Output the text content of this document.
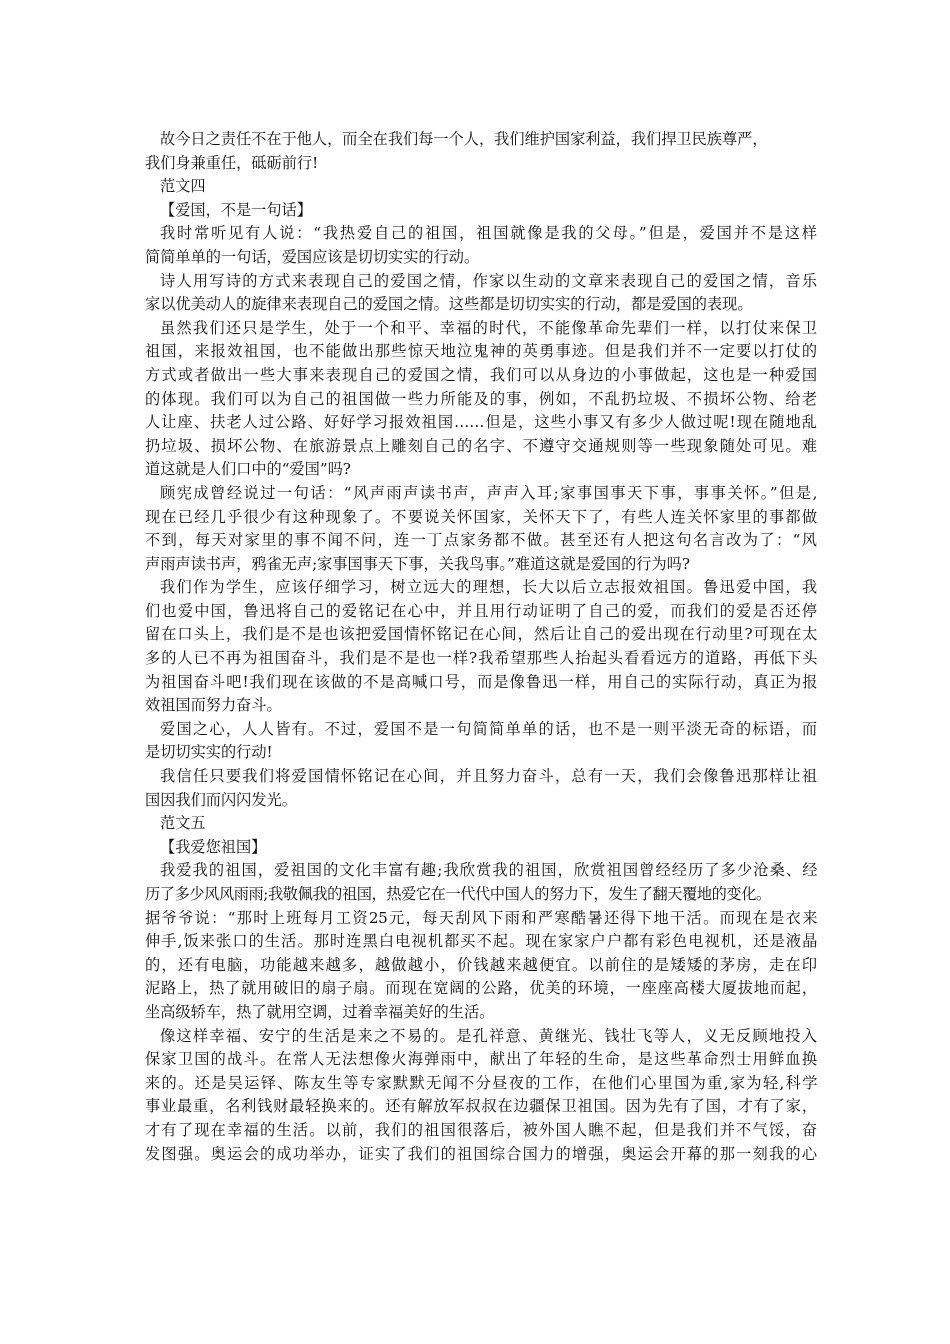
故今日之责任不在于他人，而全在我们每一个人，我们维护国家利益，我们捍卫民族尊严，
我们身兼重任，砥砺前行!
范文四
【爱国，不是一句话】
我时常听见有人说：“我热爱自己的祖国，祖国就像是我的父母。”但是，爱国并不是这样
简简单单的一句话，爱国应该是切切实实的行动。
诗人用写诗的方式来表现自己的爱国之情，作家以生动的文章来表现自己的爱国之情，音乐
家以优美动人的旋律来表现自己的爱国之情。这些都是切切实实的行动，都是爱国的表现。
虽然我们还只是学生，处于一个和平、幸福的时代，不能像革命先辈们一样，以打仗来保卫
祖国，来报效祖国，也不能做出那些惊天地泣鬼神的英勇事迹。但是我们并不一定要以打仗的
方式或者做出一些大事来表现自己的爱国之情，我们可以从身边的小事做起，这也是一种爱国
的体现。我们可以为自己的祖国做一些力所能及的事，例如，不乱扔垃圾、不损坏公物、给老
人让座、扶老人过公路、好好学习报效祖国……但是，这些小事又有多少人做过呢!现在随地乱
扔垃圾、损坏公物、在旅游景点上雕刻自己的名字、不遵守交通规则等一些现象随处可见。难
道这就是人们口中的“爱国”吗?
顾宪成曾经说过一句话：“风声雨声读书声，声声入耳;家事国事天下事，事事关怀。”但是,
现在已经几乎很少有这种现象了。不要说关怀国家，关怀天下了，有些人连关怀家里的事都做
不到，每天对家里的事不闻不问，连一丁点家务都不做。甚至还有人把这句名言改为了：“风
声雨声读书声，鸦雀无声;家事国事天下事，关我鸟事。”难道这就是爱国的行为吗?
我们作为学生，应该仔细学习，树立远大的理想，长大以后立志报效祖国。鲁迅爱中国，我
们也爱中国，鲁迅将自己的爱铭记在心中，并且用行动证明了自己的爱，而我们的爱是否还停
留在口头上，我们是不是也该把爱国情怀铭记在心间，然后让自己的爱出现在行动里?可现在太
多的人已不再为祖国奋斗，我们是不是也一样?我希望那些人抬起头看看远方的道路，再低下头
为祖国奋斗吧!我们现在该做的不是高喊口号，而是像鲁迅一样，用自己的实际行动，真正为报
效祖国而努力奋斗。
爱国之心，人人皆有。不过，爱国不是一句简简单单的话，也不是一则平淡无奇的标语，而
是切切实实的行动!
我信任只要我们将爱国情怀铭记在心间，并且努力奋斗，总有一天，我们会像鲁迅那样让祖
国因我们而闪闪发光。
范文五
【我爱您祖国】
我爱我的祖国，爱祖国的文化丰富有趣;我欣赏我的祖国，欣赏祖国曾经经历了多少沧桑、经
历了多少风风雨雨;我敬佩我的祖国，热爱它在一代代中国人的努力下，发生了翻天覆地的变化。
据爷爷说：“那时上班每月工资25元，每天刮风下雨和严寒酷暑还得下地干活。而现在是衣来
伸手,饭来张口的生活。那时连黑白电视机都买不起。现在家家户户都有彩色电视机，还是液晶
的，还有电脑，功能越来越多，越做越小，价钱越来越便宜。以前住的是矮矮的茅房，走在印
泥路上，热了就用破旧的扇子扇。而现在宽阔的公路，优美的环境，一座座高楼大厦拔地而起，
坐高级轿车，热了就用空调，过着幸福美好的生活。
像这样幸福、安宁的生活是来之不易的。是孔祥意、黄继光、钱壮飞等人，义无反顾地投入
保家卫国的战斗。在常人无法想像火海弹雨中，献出了年轻的生命，是这些革命烈士用鲜血换
来的。还是吴运铎、陈友生等专家默默无闻不分昼夜的工作，在他们心里国为重,家为轻,科学
事业最重，名利钱财最轻换来的。还有解放军叔叔在边疆保卫祖国。因为先有了国，才有了家，
才有了现在幸福的生活。以前，我们的祖国很落后，被外国人瞧不起，但是我们并不气馁，奋
发图强。奥运会的成功举办，证实了我们的祖国综合国力的增强，奥运会开幕的那一刻我的心
